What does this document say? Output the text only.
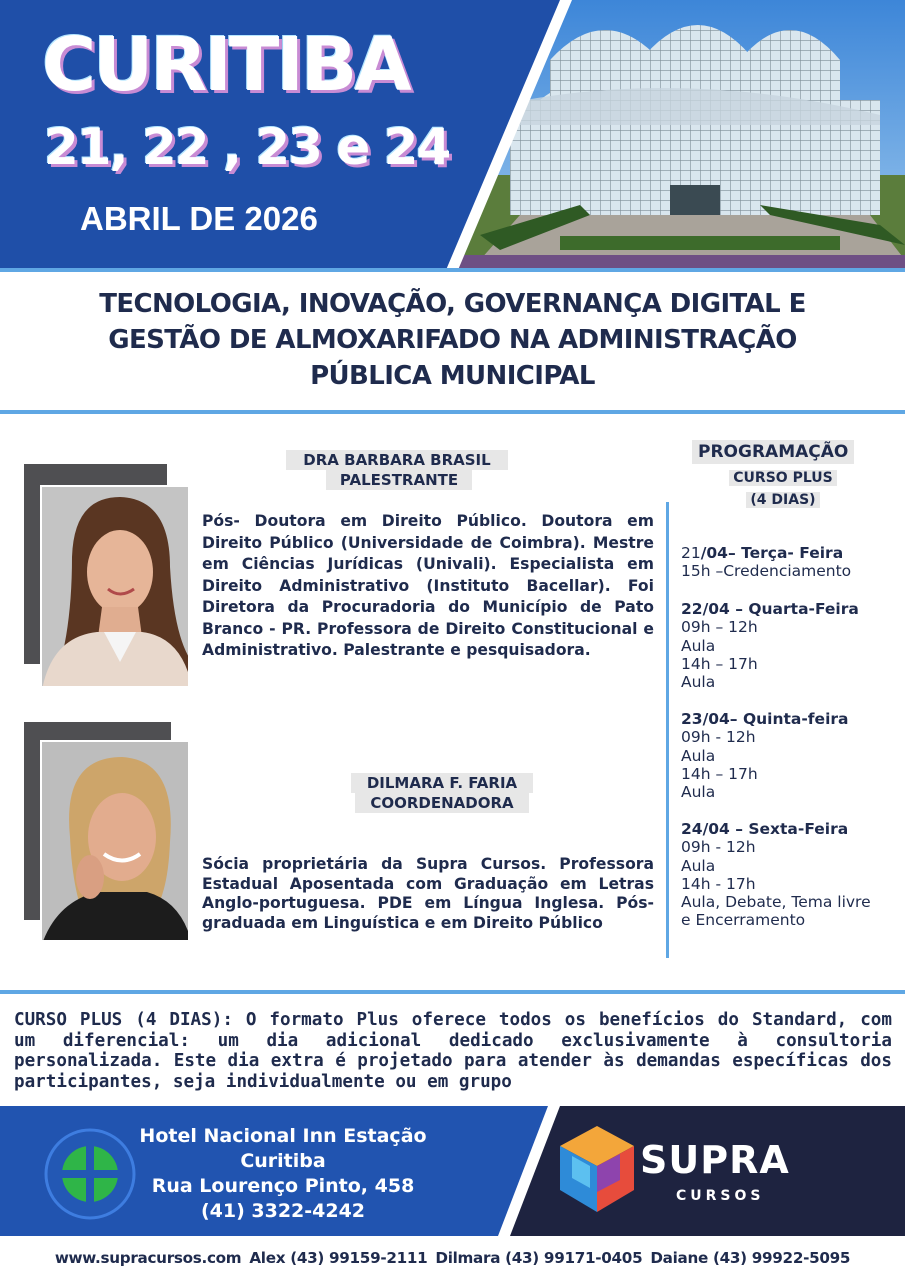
CURITIBA
21, 22 , 23 e 24
ABRIL DE 2026
TECNOLOGIA, INOVAÇÃO, GOVERNANÇA DIGITAL E
GESTÃO DE ALMOXARIFADO NA ADMINISTRAÇÃO
PÚBLICA MUNICIPAL
DRA BARBARA BRASIL
PALESTRANTE
Pós- Doutora em Direito Público. Doutora em Direito Público (Universidade de Coimbra). Mestre em Ciências Jurídicas (Univali). Especialista em Direito Administrativo (Instituto Bacellar). Foi Diretora da Procuradoria do Município de Pato Branco - PR. Professora de Direito Constitucional e Administrativo. Palestrante e pesquisadora.
DILMARA F. FARIA
COORDENADORA
Sócia proprietária da Supra Cursos. Professora Estadual Aposentada com Graduação em Letras Anglo-portuguesa. PDE em Língua Inglesa. Pós-graduada em Linguística e em Direito Público
PROGRAMAÇÃO
CURSO PLUS
(4 DIAS)
21/04– Terça- Feira
15h –Credenciamento
22/04 – Quarta-Feira
09h – 12h
Aula
14h – 17h
Aula
23/04– Quinta-feira
09h - 12h
Aula
14h – 17h
Aula
24/04 – Sexta-Feira
09h - 12h
Aula
14h - 17h
Aula, Debate, Tema livre
e Encerramento
CURSO PLUS (4 DIAS): O formato Plus oferece todos os benefícios do Standard, com um diferencial: um dia adicional dedicado exclusivamente à consultoria personalizada. Este dia extra é projetado para atender às demandas específicas dos participantes, seja individualmente ou em grupo
Hotel Nacional Inn Estação
Curitiba
Rua Lourenço Pinto, 458
(41) 3322-4242
SUPRA
CURSOS
www.supracursos.com Alex (43) 99159-2111 Dilmara (43) 99171-0405 Daiane (43) 99922-5095
